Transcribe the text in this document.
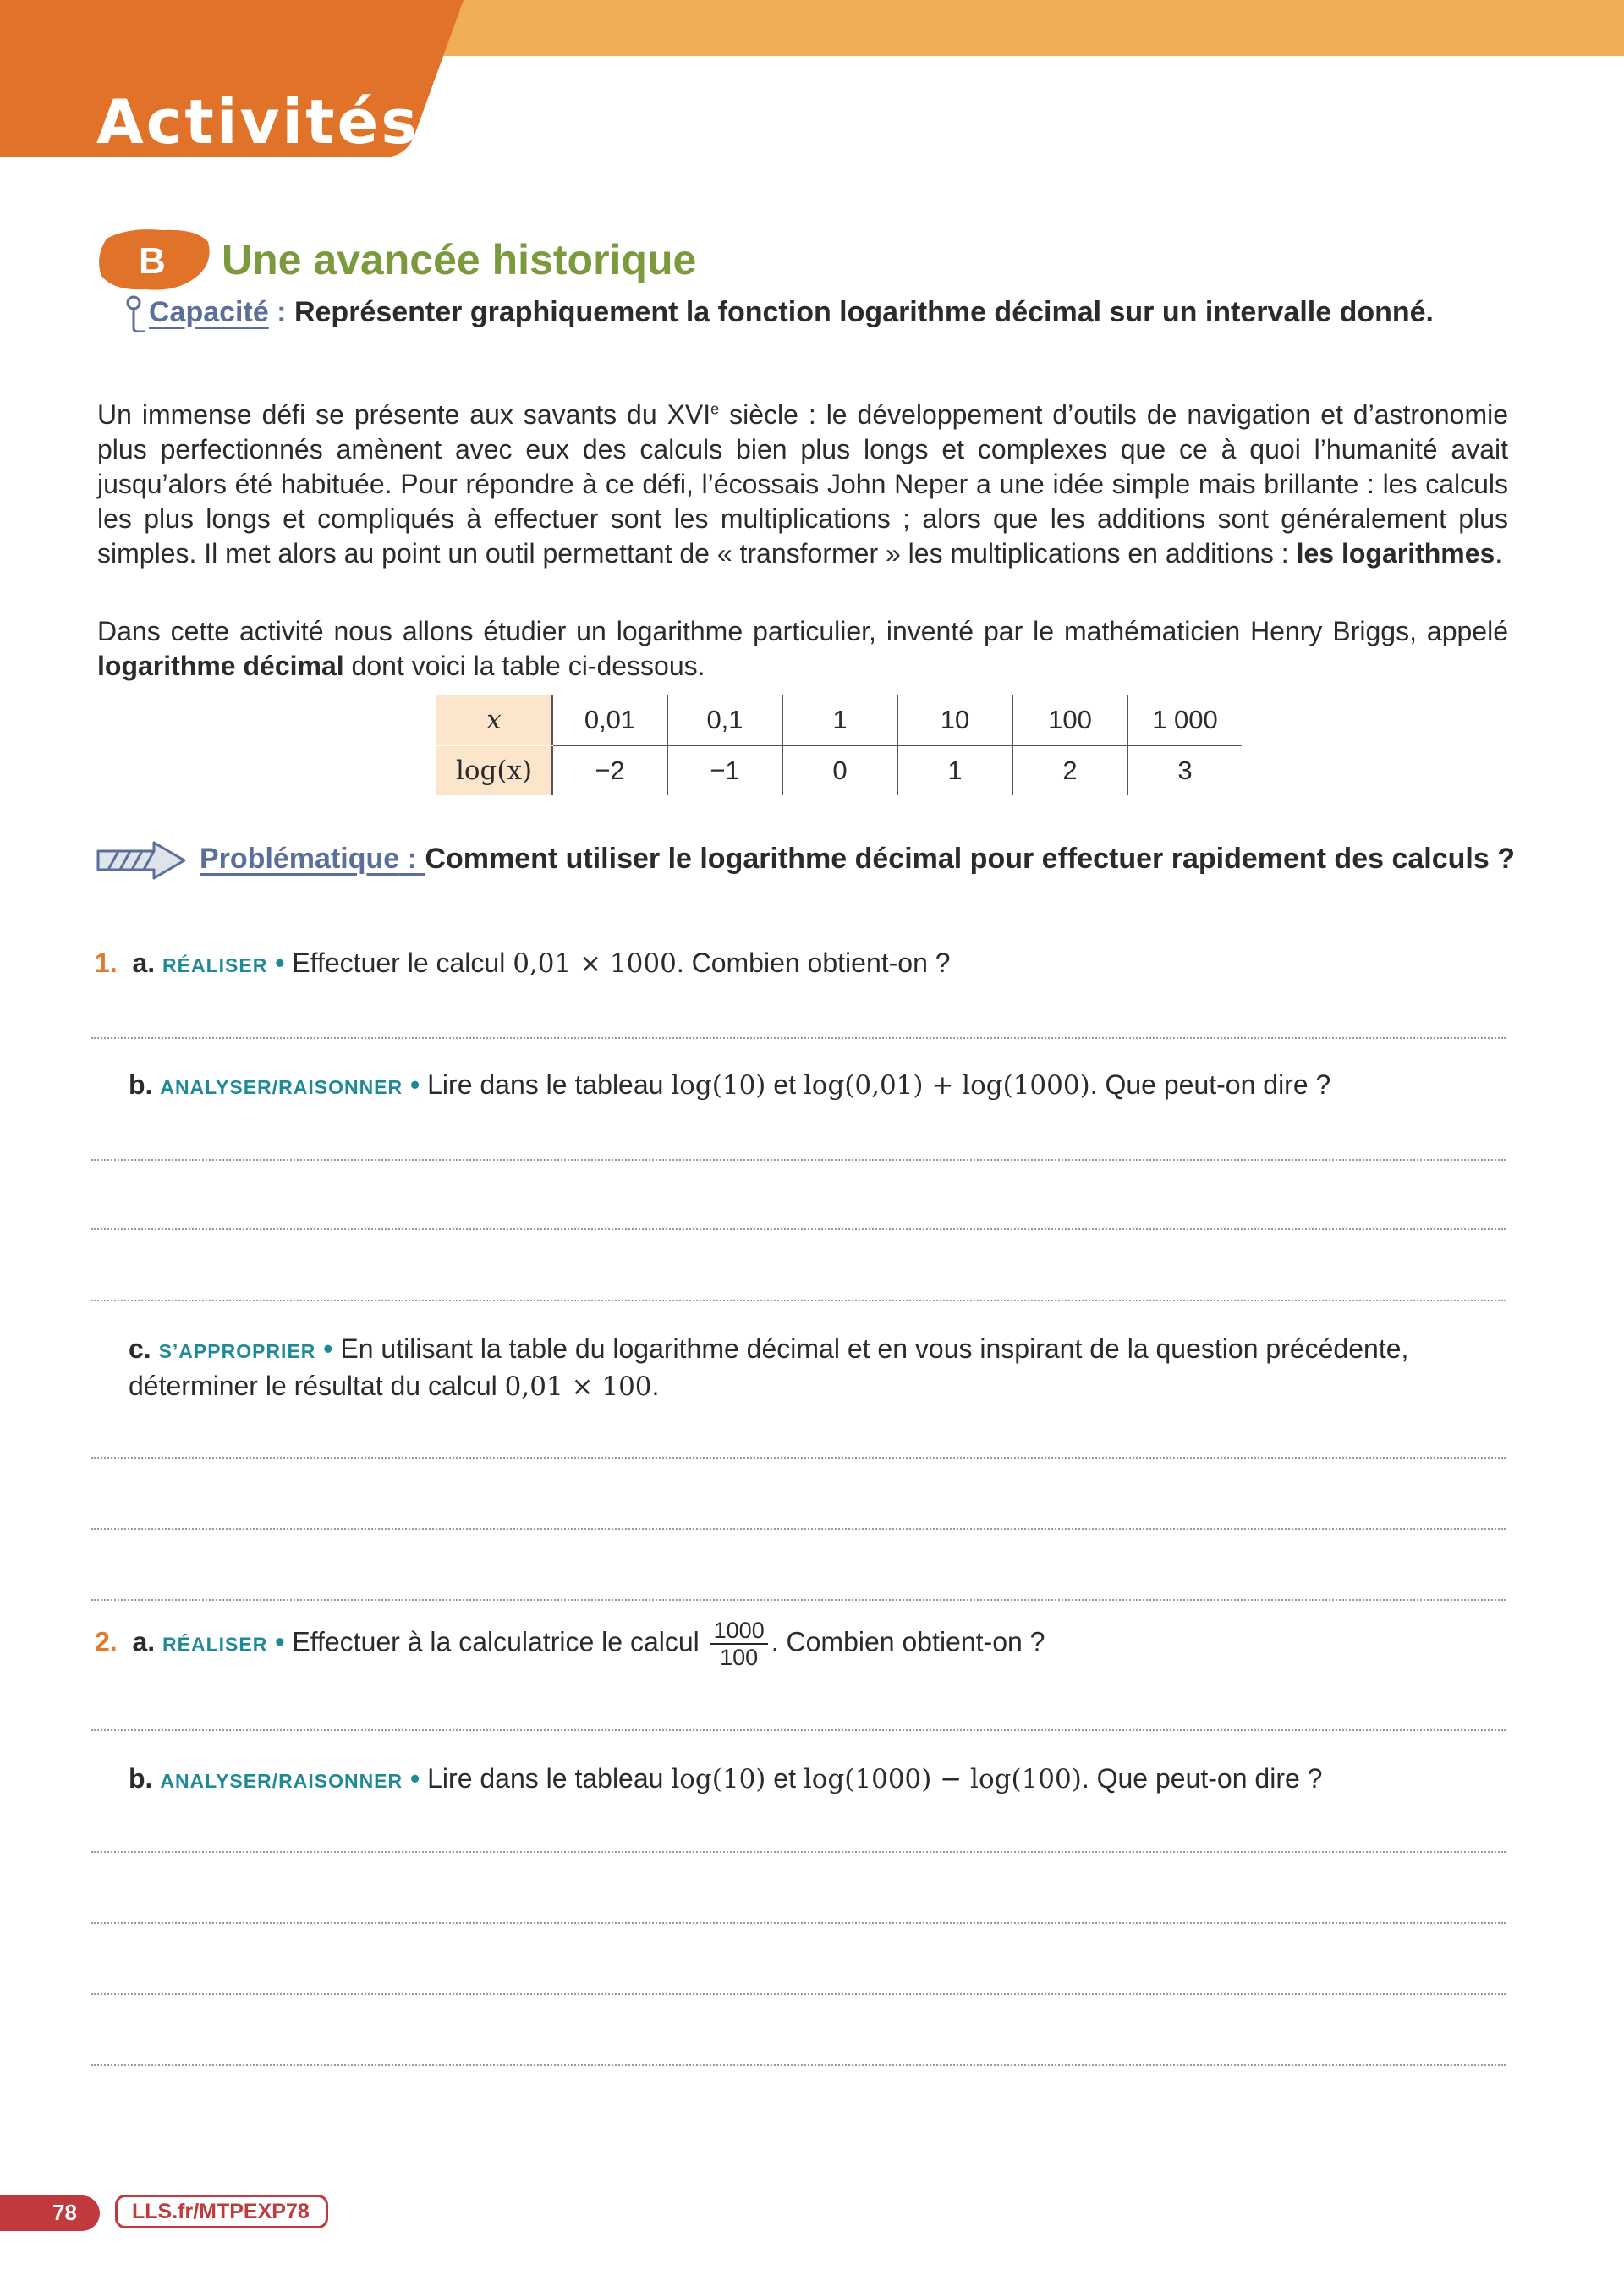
Activités
B Une avancée historique
Capacité : Représenter graphiquement la fonction logarithme décimal sur un intervalle donné.
Un immense défi se présente aux savants du XVIe siècle : le développement d’outils de navigation et d’astronomie plus perfectionnés amènent avec eux des calculs bien plus longs et complexes que ce à quoi l’humanité avait jusqu’alors été habituée. Pour répondre à ce défi, l’écossais John Neper a une idée simple mais brillante : les calculs les plus longs et compliqués à effectuer sont les multiplications ; alors que les additions sont généralement plus simples. Il met alors au point un outil permettant de « transformer » les multiplications en additions : les logarithmes.
Dans cette activité nous allons étudier un logarithme particulier, inventé par le mathématicien Henry Briggs, appelé logarithme décimal dont voici la table ci-dessous.
x	0,01	0,1	1	10	100	1 000
log(x)	−2	−1	0	1	2	3
Problématique : Comment utiliser le logarithme décimal pour effectuer rapidement des calculs ?
1. a. RÉALISER • Effectuer le calcul 0,01 × 1000. Combien obtient-on ?
b. ANALYSER/RAISONNER • Lire dans le tableau log(10) et log(0,01) + log(1000). Que peut-on dire ?
c. S’APPROPRIER • En utilisant la table du logarithme décimal et en vous inspirant de la question précédente, déterminer le résultat du calcul 0,01 × 100.
2. a. RÉALISER • Effectuer à la calculatrice le calcul $\frac{1000}{100}$ . Combien obtient-on ?
b. ANALYSER/RAISONNER • Lire dans le tableau log(10) et log(1000) − log(100). Que peut-on dire ?
78	LLS.fr/MTPEXP78
